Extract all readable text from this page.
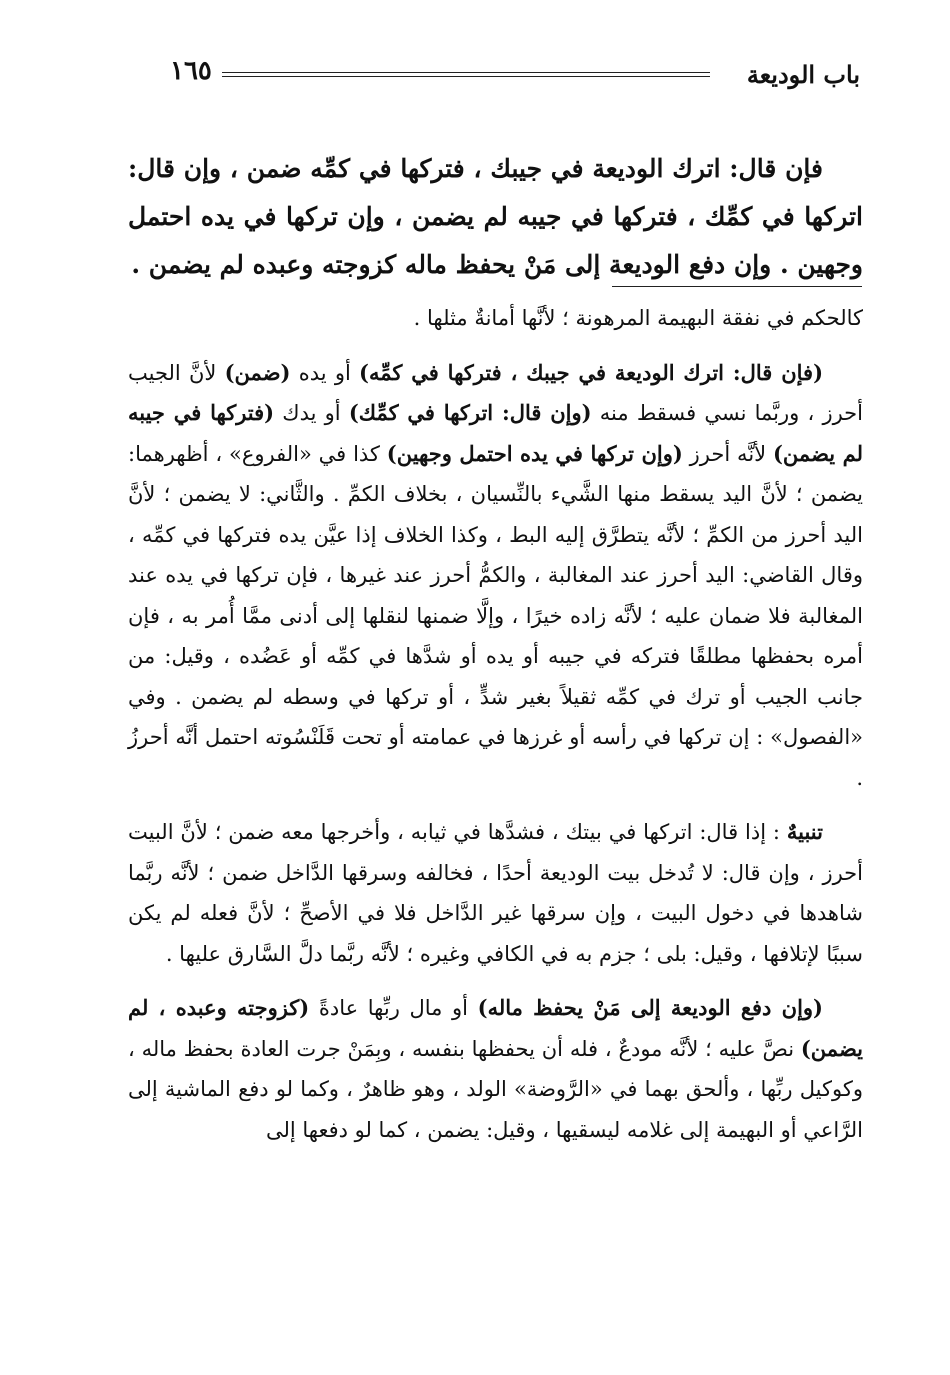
١٦٥	باب الوديعة

فإن قال: اترك الوديعة في جيبك ، فتركها في كمِّه ضمن ، وإن قال: اتركها في كمِّك ، فتركها في جيبه لم يضمن ، وإن تركها في يده احتمل وجهين . وإن دفع الوديعة إلى مَنْ يحفظ ماله كزوجته وعبده لم يضمن .

كالحكم في نفقة البهيمة المرهونة ؛ لأنَّها أمانةٌ مثلها .

(فإن قال: اترك الوديعة في جيبك ، فتركها في كمِّه) أو يده (ضمن) لأنَّ الجيب أحرز ، وربَّما نسي فسقط منه (وإن قال: اتركها في كمِّك) أو يدك (فتركها في جيبه لم يضمن) لأنَّه أحرز (وإن تركها في يده احتمل وجهين) كذا في «الفروع» ، أظهرهما: يضمن ؛ لأنَّ اليد يسقط منها الشَّيء بالنِّسيان ، بخلاف الكمِّ . والثَّاني: لا يضمن ؛ لأنَّ اليد أحرز من الكمِّ ؛ لأنَّه يتطرَّق إليه البط ، وكذا الخلاف إذا عيَّن يده فتركها في كمِّه ، وقال القاضي: اليد أحرز عند المغالبة ، والكمُّ أحرز عند غيرها ، فإن تركها في يده عند المغالبة فلا ضمان عليه ؛ لأنَّه زاده خيرًا ، وإلَّا ضمنها لنقلها إلى أدنى ممَّا أُمر به ، فإن أمره بحفظها مطلقًا فتركه في جيبه أو يده أو شدَّها في كمِّه أو عَضُده ، وقيل: من جانب الجيب أو ترك في كمِّه ثقيلاً بغير شدٍّ ، أو تركها في وسطه لم يضمن . وفي «الفصول» : إن تركها في رأسه أو غرزها في عمامته أو تحت قَلَنْسُوته احتمل أنَّه أحرزُ .

تنبيهٌ : إذا قال: اتركها في بيتك ، فشدَّها في ثيابه ، وأخرجها معه ضمن ؛ لأنَّ البيت أحرز ، وإن قال: لا تُدخل بيت الوديعة أحدًا ، فخالفه وسرقها الدَّاخل ضمن ؛ لأنَّه ربَّما شاهدها في دخول البيت ، وإن سرقها غير الدَّاخل فلا في الأصحِّ ؛ لأنَّ فعله لم يكن سببًا لإتلافها ، وقيل: بلى ؛ جزم به في الكافي وغيره ؛ لأنَّه ربَّما دلَّ السَّارق عليها .

(وإن دفع الوديعة إلى مَنْ يحفظ ماله) أو مال ربِّها عادةً (كزوجته وعبده ، لم يضمن) نصَّ عليه ؛ لأنَّه مودعٌ ، فله أن يحفظها بنفسه ، وبِمَنْ جرت العادة بحفظ ماله ، وكوكيل ربِّها ، وألحق بهما في «الرَّوضة» الولد ، وهو ظاهرٌ ، وكما لو دفع الماشية إلى الرَّاعي أو البهيمة إلى غلامه ليسقيها ، وقيل: يضمن ، كما لو دفعها إلى
